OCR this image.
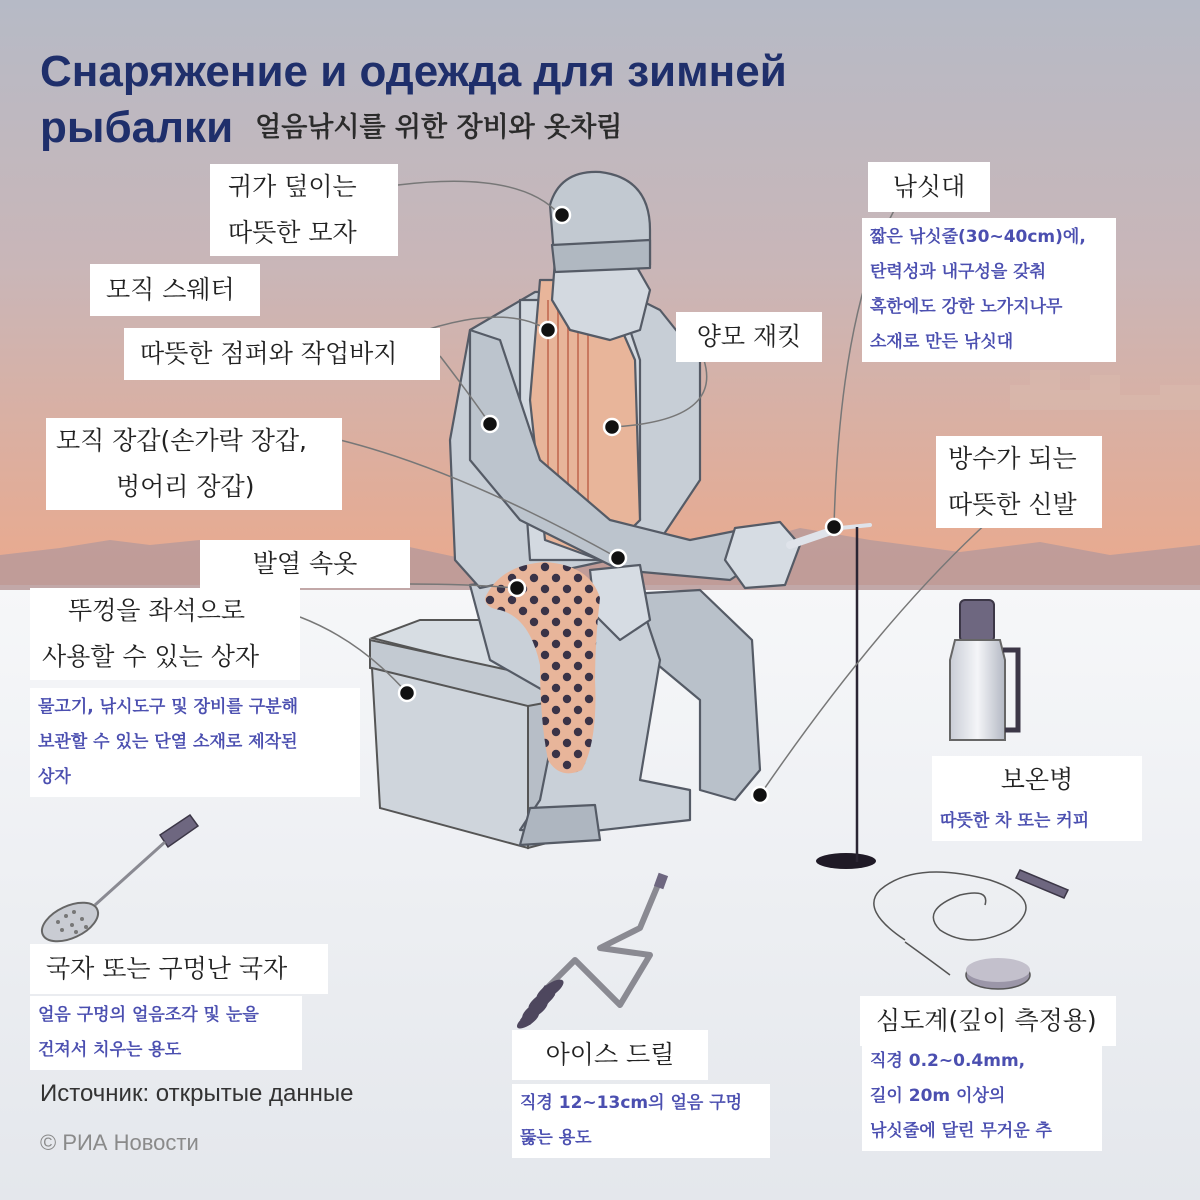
Снаряжение и одежда для зимней
рыбалки 얼음낚시를 위한 장비와 옷차림
귀가 덮이는
따뜻한 모자
모직 스웨터
따뜻한 점퍼와 작업바지
모직 장갑(손가락 장갑,
벙어리 장갑)
발열 속옷
뚜껑을 좌석으로
사용할 수 있는 상자
물고기, 낚시도구 및 장비를 구분해
보관할 수 있는 단열 소재로 제작된
상자
낚싯대
짧은 낚싯줄(30~40cm)에,
탄력성과 내구성을 갖춰
혹한에도 강한 노가지나무
소재로 만든 낚싯대
양모 재킷
방수가 되는
따뜻한 신발
보온병
따뜻한 차 또는 커피
국자 또는 구멍난 국자
얼음 구멍의 얼음조각 및 눈을
건져서 치우는 용도	아이스 드릴
직경 12~13cm의 얼음 구멍
뚫는 용도
심도계(깊이 측정용)
직경 0.2~0.4mm,
길이 20m 이상의
낚싯줄에 달린 무거운 추
Источник: открытые данные
© РИА Новости
